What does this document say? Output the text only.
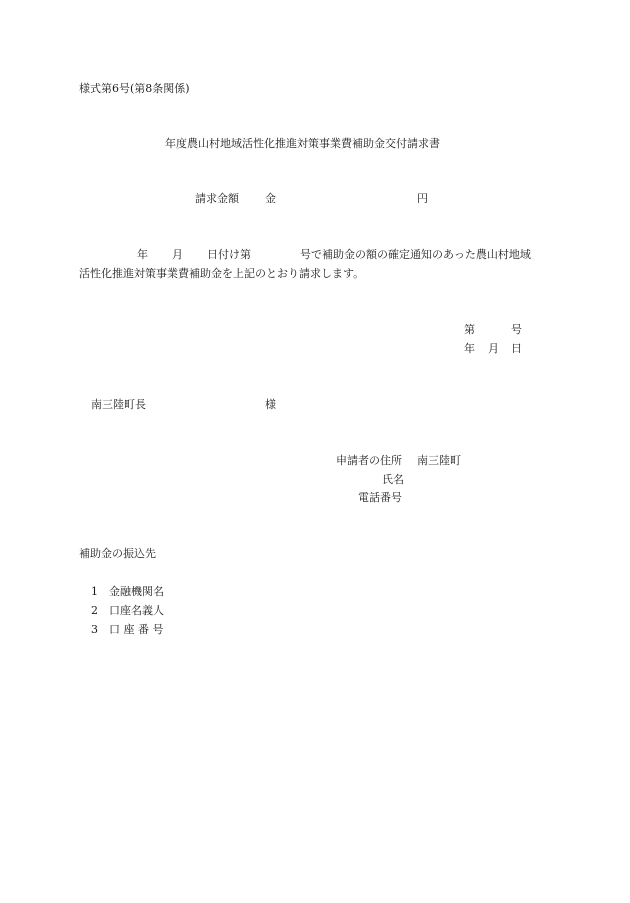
様式第6号(第8条関係)

年度農山村地域活性化推進対策事業費補助金交付請求書

請求金額 金	円

年 月 日付け第	号で補助金の額の確定通知のあった農山村地域

活性化推進対策事業費補助金を上記のとおり請求します。

第	号

年 月 日

南三陸町長	様

申請者の住所 南三陸町

氏名

電話番号

補助金の振込先

1 金融機関名

2 口座名義人

3 口 座 番 号
